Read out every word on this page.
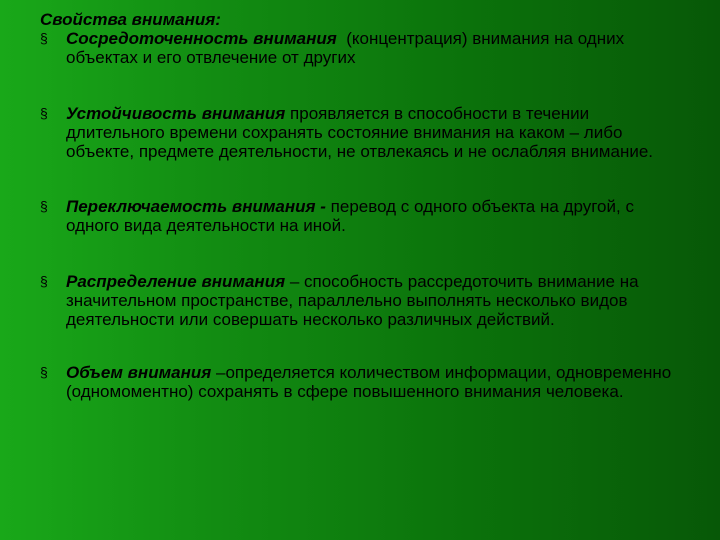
Свойства внимания:
§ Сосредоточенность внимания  (концентрация) внимания на одних объектах и его отвлечение от других
§ Устойчивость внимания проявляется в способности в течении длительного времени сохранять состояние внимания на каком – либо объекте, предмете деятельности, не отвлекаясь и не ослабляя внимание.
§ Переключаемость внимания - перевод с одного объекта на другой, с одного вида деятельности на иной.
§ Распределение внимания – способность рассредоточить внимание на значительном пространстве, параллельно выполнять несколько видов деятельности или совершать несколько различных действий.
§ Объем внимания –определяется количеством информации, одновременно (одномоментно) сохранять в сфере повышенного внимания человека.
